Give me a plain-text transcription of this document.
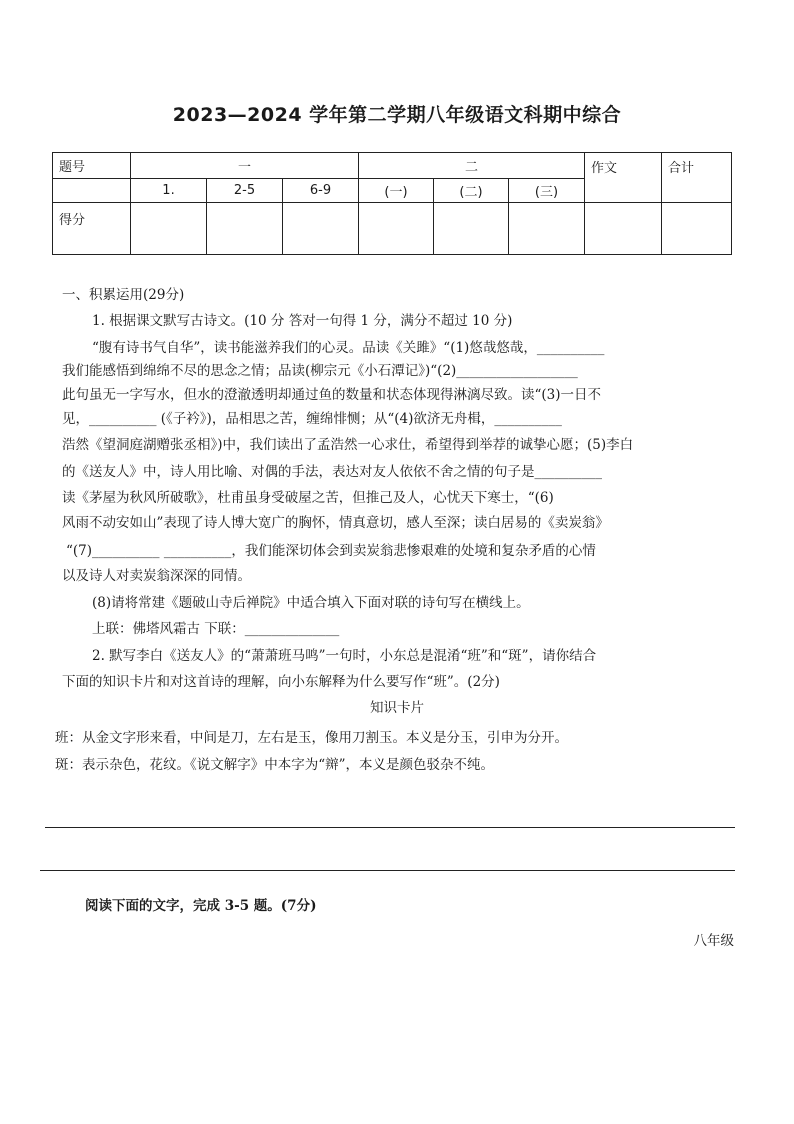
2023—2024 学年第二学期八年级语文科期中综合
题号	一			二			作文	合计
	1.	2-5	6-9	(一)	(二)	(三)		
得分								
一、积累运用(29分)
1. 根据课文默写古诗文。(10 分 答对一句得 1 分，满分不超过 10 分)
“腹有诗书气自华”，读书能滋养我们的心灵。品读《关雎》“(1)悠哉悠哉，__________
我们能感悟到绵绵不尽的思念之情；品读(柳宗元《小石潭记》)“(2)__________________
此句虽无一字写水，但水的澄澈透明却通过鱼的数量和状态体现得淋漓尽致。读“(3)一日不
见，__________ (《子衿》)，品相思之苦，缠绵悱恻；从“(4)欲济无舟楫，__________
浩然《望洞庭湖赠张丞相》)中，我们读出了孟浩然一心求仕，希望得到举荐的诚挚心愿；(5)李白
的《送友人》中，诗人用比喻、对偶的手法，表达对友人依依不舍之情的句子是__________
读《茅屋为秋风所破歌》，杜甫虽身受破屋之苦，但推己及人，心忧天下寒士，“(6)
风雨不动安如山”表现了诗人博大宽广的胸怀，情真意切，感人至深；读白居易的《卖炭翁》
“(7)__________ __________，我们能深切体会到卖炭翁悲惨艰难的处境和复杂矛盾的心情
以及诗人对卖炭翁深深的同情。
(8)请将常建《题破山寺后禅院》中适合填入下面对联的诗句写在横线上。
上联：佛塔风霜古 下联：______________
2. 默写李白《送友人》的“萧萧班马鸣”一句时，小东总是混淆“班”和“斑”，请你结合
下面的知识卡片和对这首诗的理解，向小东解释为什么要写作“班”。(2分)
知识卡片
班：从金文字形来看，中间是刀，左右是玉，像用刀割玉。本义是分玉，引申为分开。
斑：表示杂色，花纹。《说文解字》中本字为“辬”，本义是颜色驳杂不纯。
阅读下面的文字，完成 3-5 题。(7分)
八年级
